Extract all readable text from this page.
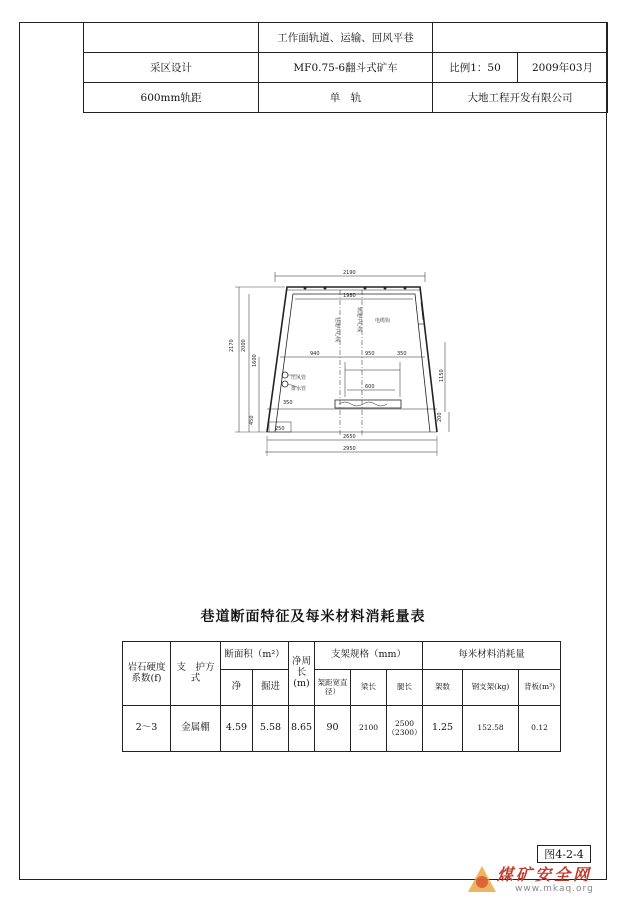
	工作面轨道、运输、回风平巷		
采区设计	MF0.75-6翻斗式矿车	比例1：50	2009年03月
600mm轨距	单　轨	大地工程开发有限公司	
2190
1980
2170 2000
1600
940	950	350
1150
600
350
250
450	200
2650
2950
巷道中心线	轨道中心线	电缆钩
压风管
排水管
巷道断面特征及每米材料消耗量表
岩石硬度系数(f)	支　护方　式	断面积（m²）		净周长(m)	支架规格（mm）			每米材料消耗量		
		净	掘进		架距宽直径）	梁长	腿长	架数	钢支架(kg)	背板(m³)
2～3	金属棚	4.59	5.58	8.65	90	2100	2500（2300）	1.25	152.58	0.12
图4-2-4
煤矿安全网
www.mkaq.org
